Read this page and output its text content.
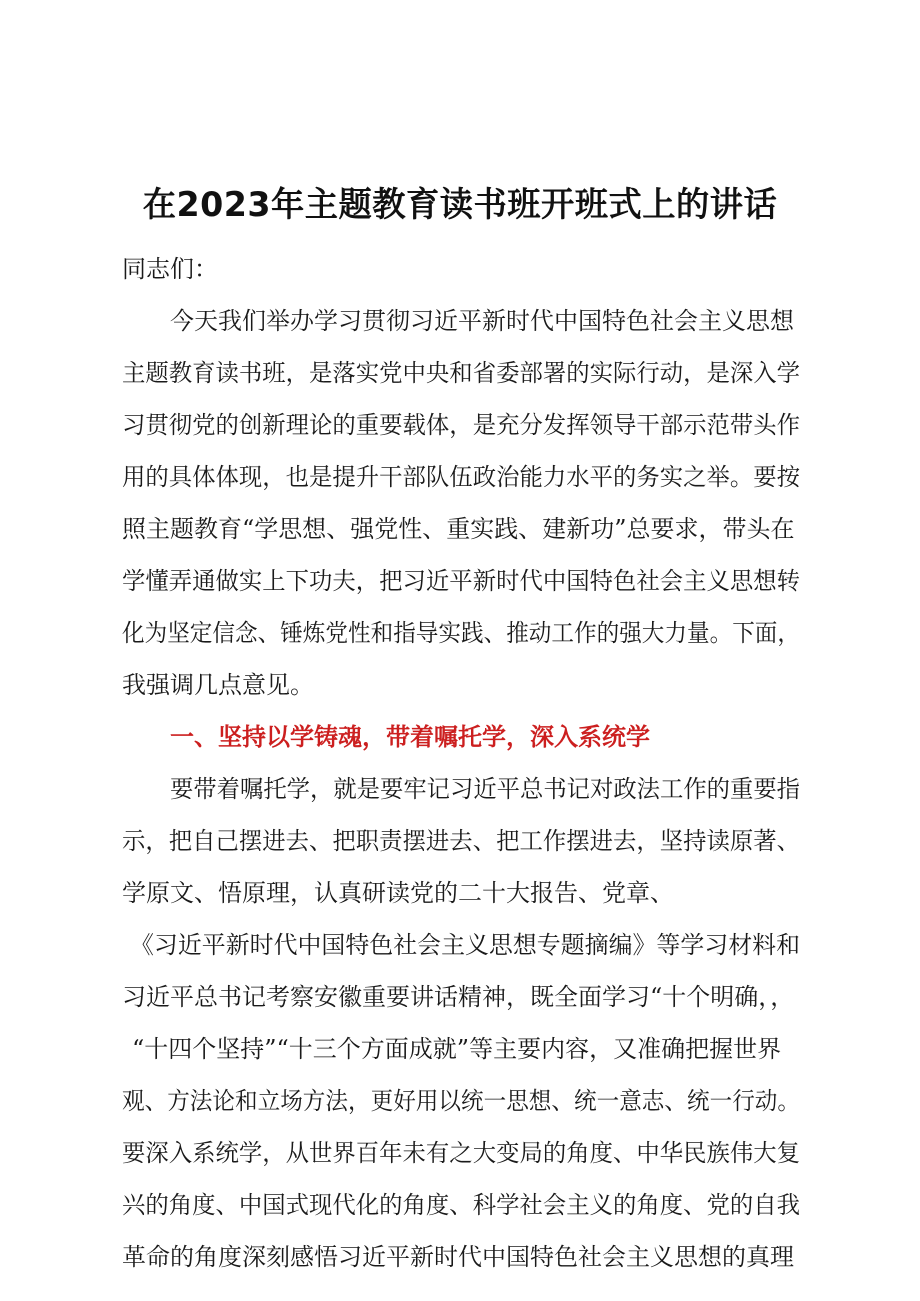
在2023年主题教育读书班开班式上的讲话

同志们：

今天我们举办学习贯彻习近平新时代中国特色社会主义思想

主题教育读书班，是落实党中央和省委部署的实际行动，是深入学

习贯彻党的创新理论的重要载体，是充分发挥领导干部示范带头作

用的具体体现，也是提升干部队伍政治能力水平的务实之举。要按

照主题教育“学思想、强党性、重实践、建新功”总要求，带头在

学懂弄通做实上下功夫，把习近平新时代中国特色社会主义思想转

化为坚定信念、锤炼党性和指导实践、推动工作的强大力量。下面，

我强调几点意见。

一、坚持以学铸魂，带着嘱托学，深入系统学

要带着嘱托学，就是要牢记习近平总书记对政法工作的重要指

示，把自己摆进去、把职责摆进去、把工作摆进去，坚持读原著、

学原文、悟原理，认真研读党的二十大报告、党章、

《习近平新时代中国特色社会主义思想专题摘编》等学习材料和

习近平总书记考察安徽重要讲话精神，既全面学习“十个明确，，

“十四个坚持”“十三个方面成就”等主要内容，又准确把握世界

观、方法论和立场方法，更好用以统一思想、统一意志、统一行动。

要深入系统学，从世界百年未有之大变局的角度、中华民族伟大复

兴的角度、中国式现代化的角度、科学社会主义的角度、党的自我

革命的角度深刻感悟习近平新时代中国特色社会主义思想的真理
